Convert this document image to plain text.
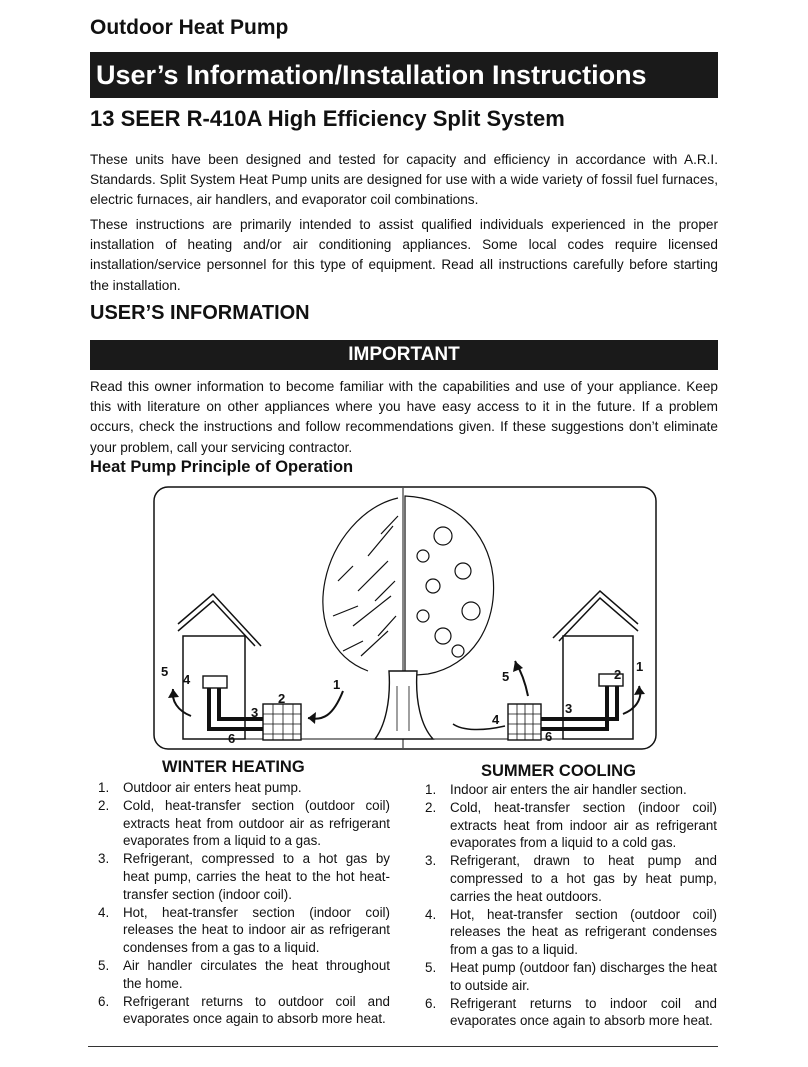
Outdoor Heat Pump
User’s Information/Installation Instructions
13 SEER R-410A High Efficiency Split System

These units have been designed and tested for capacity and efficiency in accordance with A.R.I. Standards. Split System Heat Pump units are designed for use with a wide variety of fossil fuel furnaces, electric furnaces, air handlers, and evaporator coil combinations.

These instructions are primarily intended to assist qualified individuals experienced in the proper installation of heating and/or air conditioning appliances. Some local codes require licensed installation/service personnel for this type of equipment. Read all instructions carefully before starting the installation.

USER’S INFORMATION
IMPORTANT

Read this owner information to become familiar with the capabilities and use of your appliance. Keep this with literature on other appliances where you have easy access to it in the future. If a problem occurs, check the instructions and follow recommendations given. If these suggestions don’t eliminate your problem, call your servicing contractor.

Heat Pump Principle of Operation
5
4	1
2
3
6
1
2
5
3
4
6
WINTER HEATING
1. Outdoor air enters heat pump.
2. Cold, heat-transfer section (outdoor coil) extracts heat from outdoor air as refrigerant evaporates from a liquid to a gas.
3. Refrigerant, compressed to a hot gas by heat pump, carries the heat to the hot heat-transfer section (indoor coil).
4. Hot, heat-transfer section (indoor coil) releases the heat to indoor air as refrigerant condenses from a gas to a liquid.
5. Air handler circulates the heat throughout the home.
6. Refrigerant returns to outdoor coil and evaporates once again to absorb more heat.
SUMMER COOLING
1. Indoor air enters the air handler section.
2. Cold, heat-transfer section (indoor coil) extracts heat from indoor air as refrigerant evaporates from a liquid to a cold gas.
3. Refrigerant, drawn to heat pump and compressed to a hot gas by heat pump, carries the heat outdoors.
4. Hot, heat-transfer section (outdoor coil) releases the heat as refrigerant condenses from a gas to a liquid.
5. Heat pump (outdoor fan) discharges the heat to outside air.
6. Refrigerant returns to indoor coil and evaporates once again to absorb more heat.
